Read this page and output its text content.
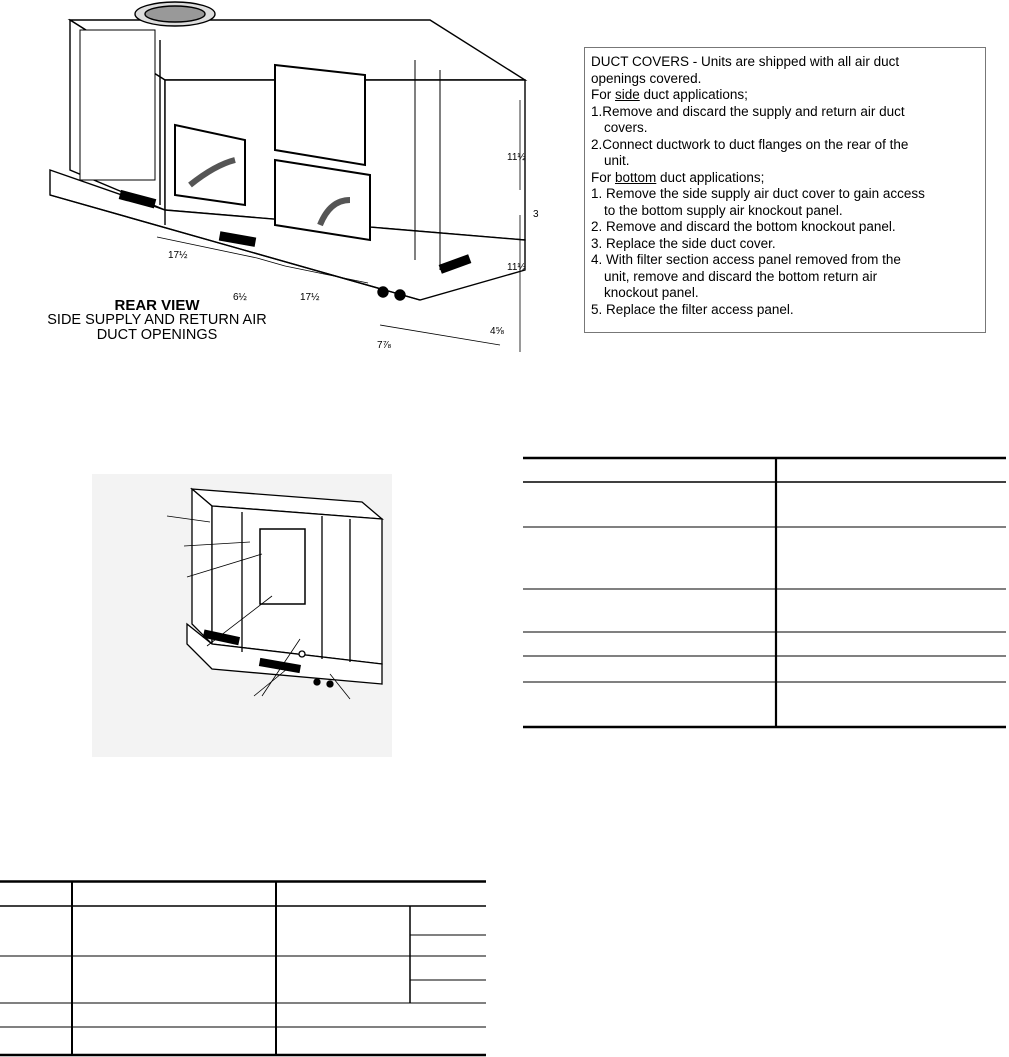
11½
3
11½
17½
6½	17½
7⅞
4⅝
REAR VIEW
SIDE SUPPLY AND RETURN AIR
DUCT OPENINGS
DUCT COVERS - Units are shipped with all air duct
openings covered.
For side duct applications;
1.Remove and discard the supply and return air duct
covers.
2.Connect ductwork to duct flanges on the rear of the
unit.
For bottom duct applications;
1. Remove the side supply air duct cover to gain access
to the bottom supply air knockout panel.
2. Remove and discard the bottom knockout panel.
3. Replace the side duct cover.
4. With filter section access panel removed from the
unit, remove and discard the bottom return air
knockout panel.
5. Replace the filter access panel.
